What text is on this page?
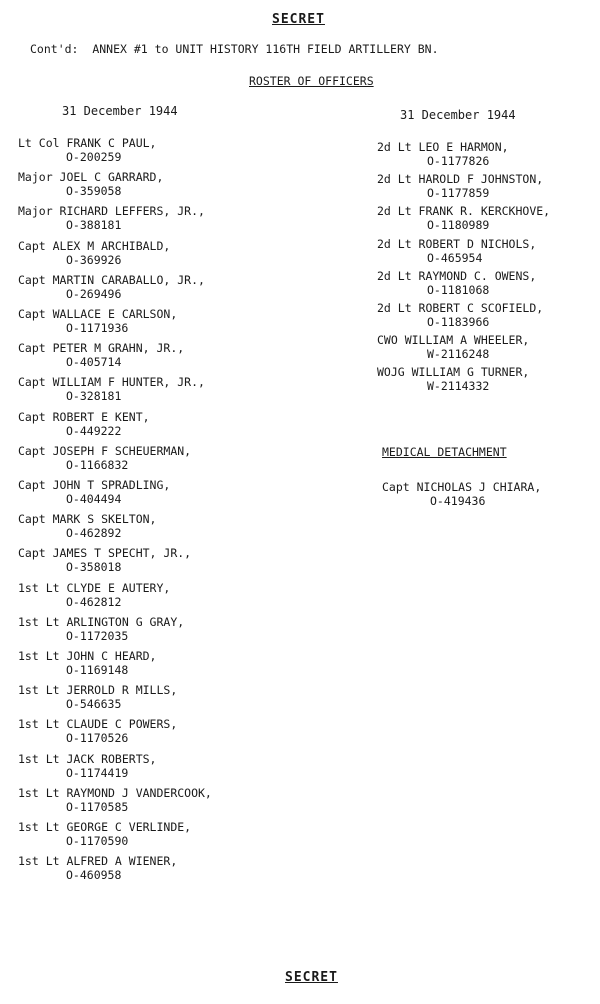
SECRET
Cont'd: ANNEX #1 to UNIT HISTORY 116TH FIELD ARTILLERY BN.
ROSTER OF OFFICERS
31 December 1944	31 December 1944
Lt Col FRANK C PAUL,
O-200259
Major JOEL C GARRARD,
O-359058
Major RICHARD LEFFERS, JR.,
O-388181
Capt ALEX M ARCHIBALD,
O-369926
Capt MARTIN CARABALLO, JR.,
O-269496
Capt WALLACE E CARLSON,
O-1171936
Capt PETER M GRAHN, JR.,
O-405714
Capt WILLIAM F HUNTER, JR.,
O-328181
Capt ROBERT E KENT,
O-449222
Capt JOSEPH F SCHEUERMAN,
O-1166832
Capt JOHN T SPRADLING,
O-404494
Capt MARK S SKELTON,
O-462892
Capt JAMES T SPECHT, JR.,
O-358018
1st Lt CLYDE E AUTERY,
O-462812
1st Lt ARLINGTON G GRAY,
O-1172035
1st Lt JOHN C HEARD,
O-1169148
1st Lt JERROLD R MILLS,
O-546635
1st Lt CLAUDE C POWERS,
O-1170526
1st Lt JACK ROBERTS,
O-1174419
1st Lt RAYMOND J VANDERCOOK,
O-1170585
1st Lt GEORGE C VERLINDE,
O-1170590
1st Lt ALFRED A WIENER,
O-460958
2d Lt LEO E HARMON,
O-1177826
2d Lt HAROLD F JOHNSTON,
O-1177859
2d Lt FRANK R. KERCKHOVE,
O-1180989
2d Lt ROBERT D NICHOLS,
O-465954
2d Lt RAYMOND C. OWENS,
O-1181068
2d Lt ROBERT C SCOFIELD,
O-1183966
CWO WILLIAM A WHEELER,
W-2116248
WOJG WILLIAM G TURNER,
W-2114332
MEDICAL DETACHMENT
Capt NICHOLAS J CHIARA,
O-419436
SECRET
